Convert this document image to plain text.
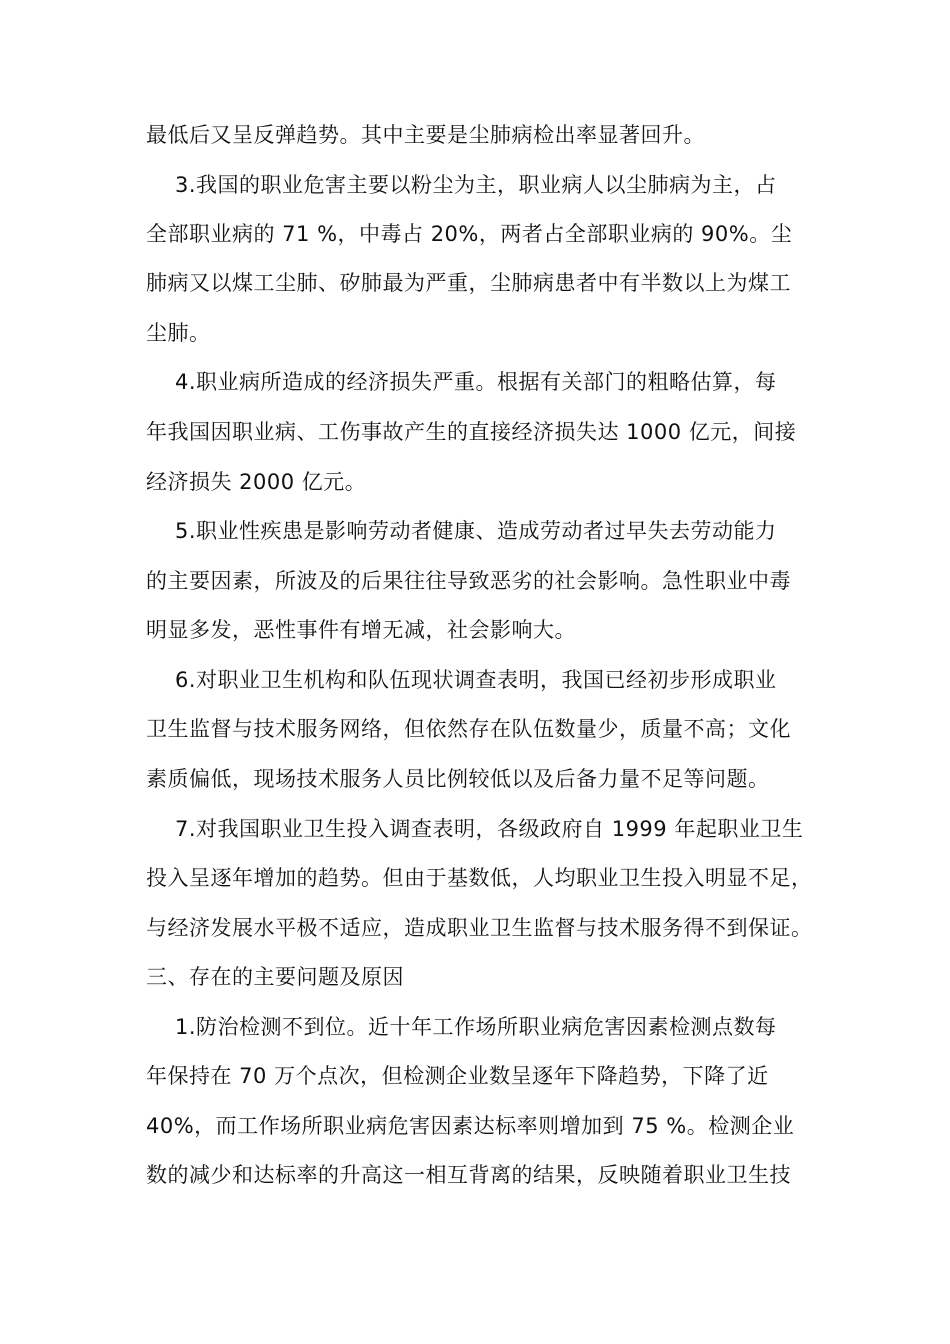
最低后又呈反弹趋势。其中主要是尘肺病检出率显著回升。
3.我国的职业危害主要以粉尘为主，职业病人以尘肺病为主，占
全部职业病的 71 %，中毒占 20%，两者占全部职业病的 90%。尘
肺病又以煤工尘肺、矽肺最为严重，尘肺病患者中有半数以上为煤工
尘肺。
4.职业病所造成的经济损失严重。根据有关部门的粗略估算，每
年我国因职业病、工伤事故产生的直接经济损失达 1000 亿元，间接
经济损失 2000 亿元。
5.职业性疾患是影响劳动者健康、造成劳动者过早失去劳动能力
的主要因素，所波及的后果往往导致恶劣的社会影响。急性职业中毒
明显多发，恶性事件有增无减，社会影响大。
6.对职业卫生机构和队伍现状调查表明，我国已经初步形成职业
卫生监督与技术服务网络，但依然存在队伍数量少，质量不高；文化
素质偏低，现场技术服务人员比例较低以及后备力量不足等问题。
7.对我国职业卫生投入调查表明，各级政府自 1999 年起职业卫生
投入呈逐年增加的趋势。但由于基数低，人均职业卫生投入明显不足，
与经济发展水平极不适应，造成职业卫生监督与技术服务得不到保证。
三、存在的主要问题及原因
1.防治检测不到位。近十年工作场所职业病危害因素检测点数每
年保持在 70 万个点次，但检测企业数呈逐年下降趋势，下降了近
40%，而工作场所职业病危害因素达标率则增加到 75 %。检测企业
数的减少和达标率的升高这一相互背离的结果，反映随着职业卫生技
